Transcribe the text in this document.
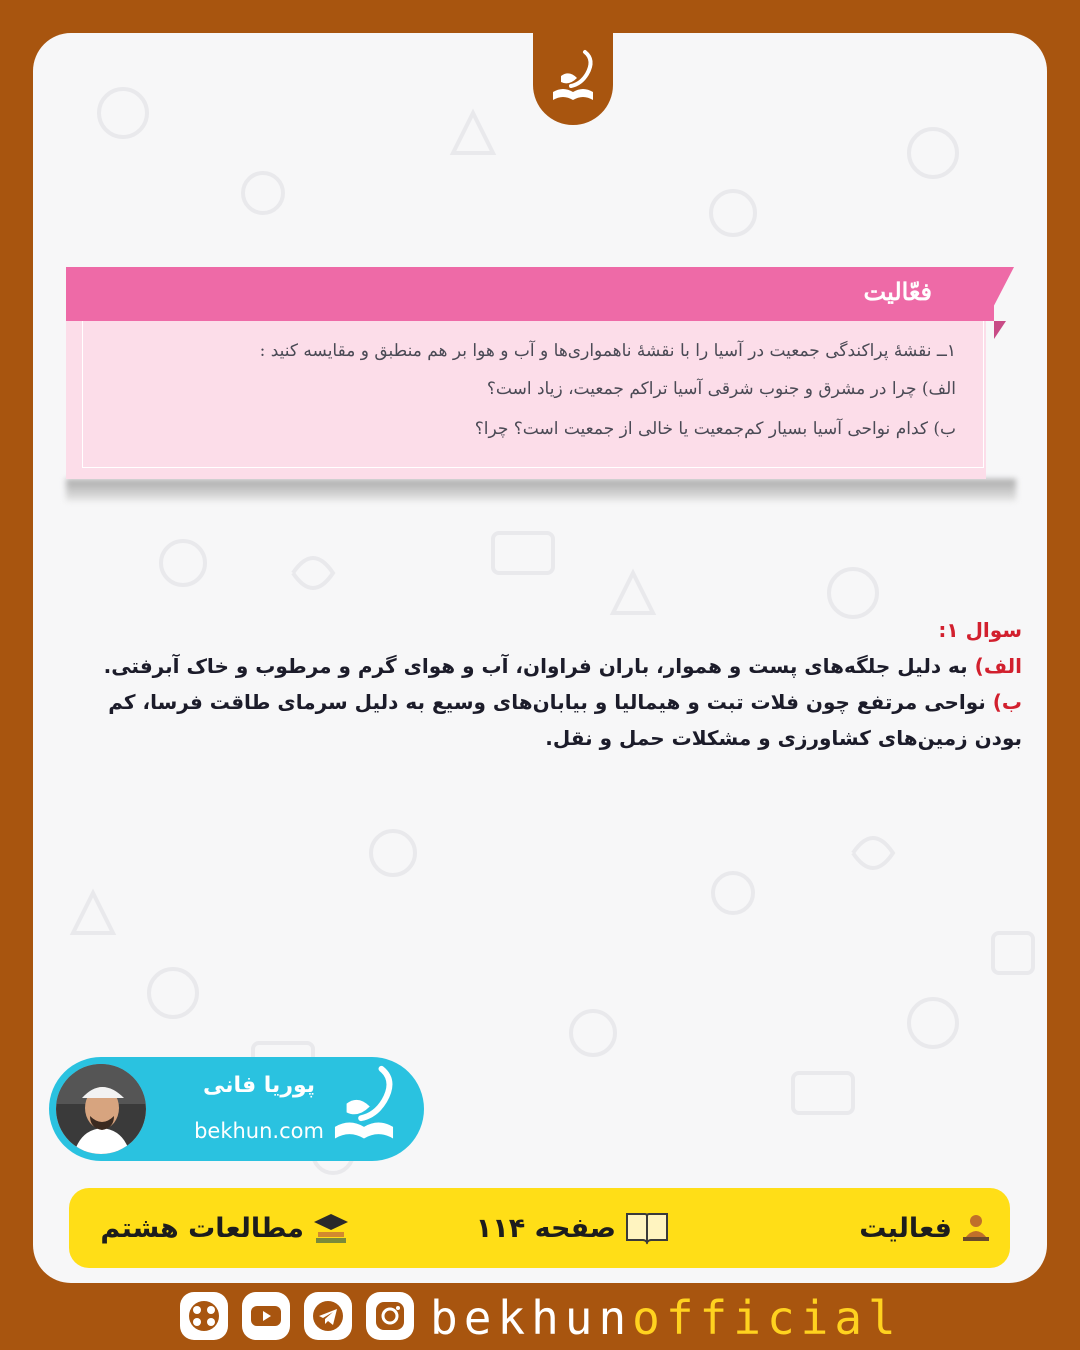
فعّالیت
۱ــ نقشهٔ پراکندگی جمعیت در آسیا را با نقشهٔ ناهمواری‌ها و آب و هوا بر هم منطبق و مقایسه کنید :
الف) چرا در مشرق و جنوب شرقی آسیا تراکم جمعیت، زیاد است؟
ب) کدام نواحی آسیا بسیار کم‌جمعیت یا خالی از جمعیت است؟ چرا؟

سوال ۱:

الف) به دلیل جلگه‌های پست و هموار، باران فراوان، آب و هوای گرم و مرطوب و خاک آبرفتی.

ب) نواحی مرتفع چون فلات تبت و هیمالیا و بیابان‌های وسیع به دلیل سرمای طاقت فرسا، کم بودن زمین‌های کشاورزی و مشکلات حمل و نقل.

پوریا فانی
bekhun.com
فعالیت
صفحه ۱۱۴
مطالعات هشتم
bekhunofficial
